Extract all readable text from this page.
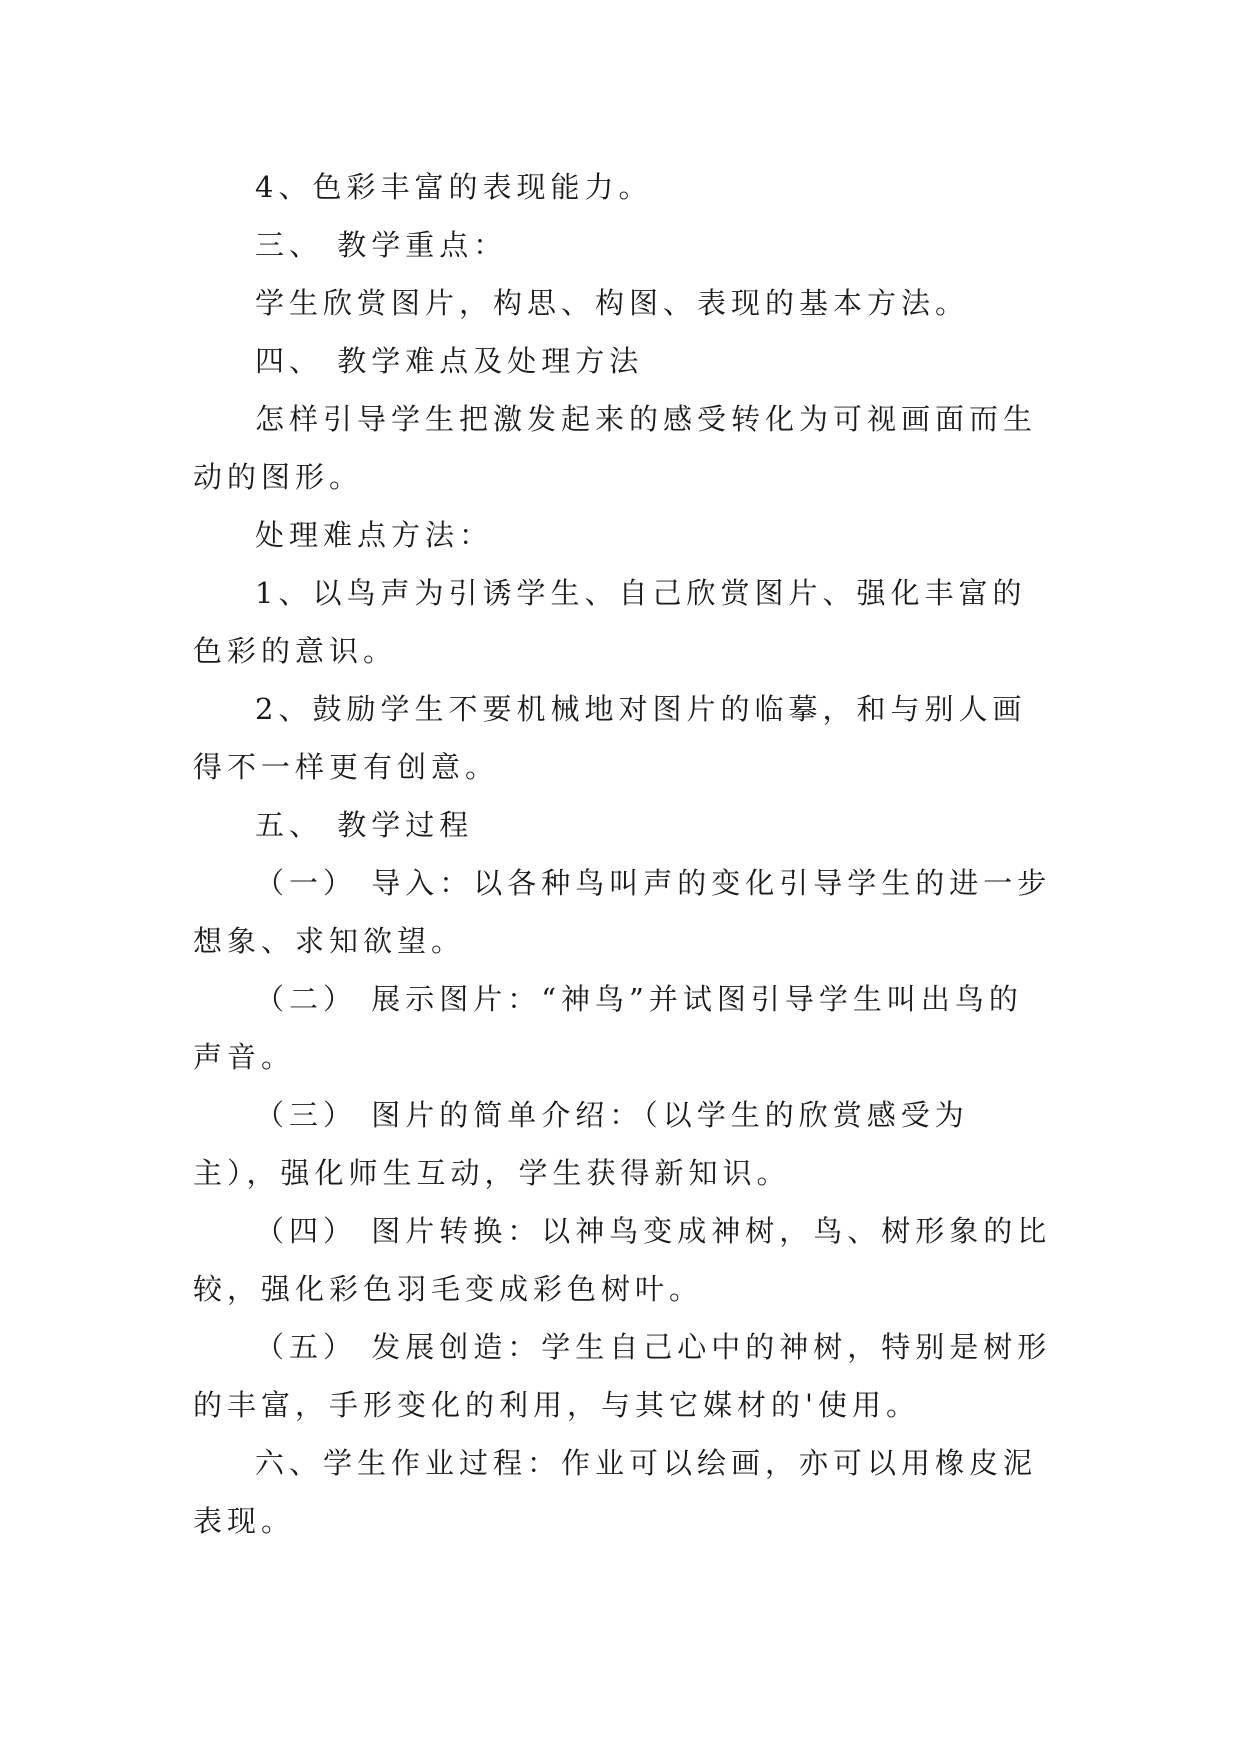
4、色彩丰富的表现能力。

三、 教学重点：

学生欣赏图片，构思、构图、表现的基本方法。

四、 教学难点及处理方法

怎样引导学生把激发起来的感受转化为可视画面而生动的图形。

处理难点方法：

1、以鸟声为引诱学生、自己欣赏图片、强化丰富的色彩的意识。

2、鼓励学生不要机械地对图片的临摹，和与别人画得不一样更有创意。

五、 教学过程

（一） 导入：以各种鸟叫声的变化引导学生的进一步想象、求知欲望。

（二） 展示图片：“神鸟”并试图引导学生叫出鸟的声音。

（三） 图片的简单介绍：（以学生的欣赏感受为主），强化师生互动，学生获得新知识。

（四） 图片转换：以神鸟变成神树，鸟、树形象的比较，强化彩色羽毛变成彩色树叶。

（五） 发展创造：学生自己心中的神树，特别是树形的丰富，手形变化的利用，与其它媒材的'使用。

六、学生作业过程：作业可以绘画，亦可以用橡皮泥表现。
